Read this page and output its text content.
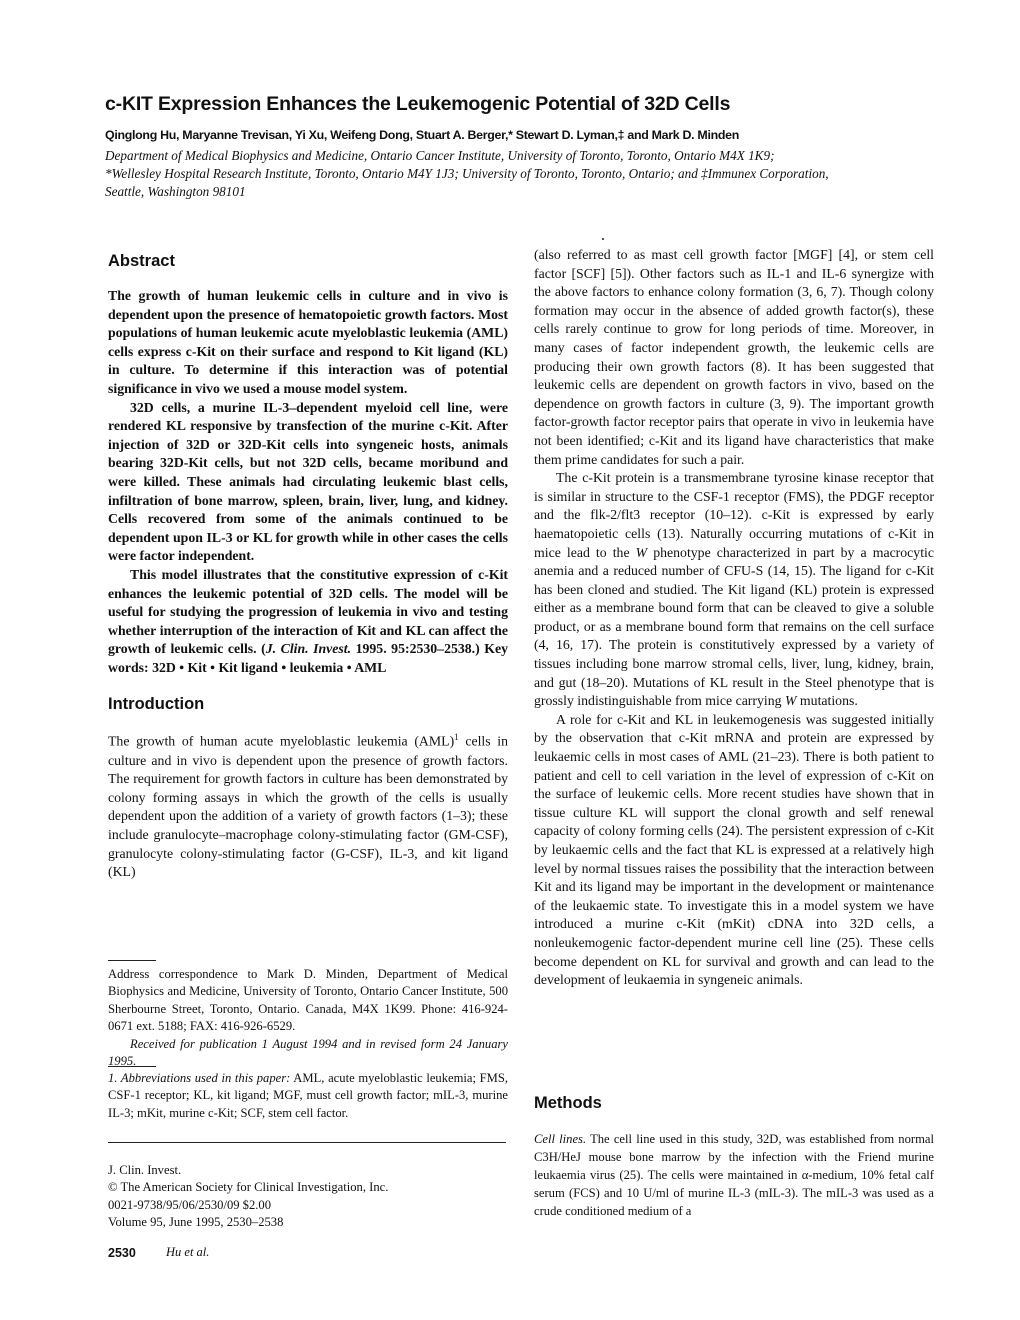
c-KIT Expression Enhances the Leukemogenic Potential of 32D Cells
Qinglong Hu, Maryanne Trevisan, Yi Xu, Weifeng Dong, Stuart A. Berger,* Stewart D. Lyman,‡ and Mark D. Minden
Department of Medical Biophysics and Medicine, Ontario Cancer Institute, University of Toronto, Toronto, Ontario M4X 1K9;
*Wellesley Hospital Research Institute, Toronto, Ontario M4Y 1J3; University of Toronto, Toronto, Ontario; and ‡Immunex Corporation,
Seattle, Washington 98101
Abstract

The growth of human leukemic cells in culture and in vivo is dependent upon the presence of hematopoietic growth factors. Most populations of human leukemic acute myeloblastic leukemia (AML) cells express c-Kit on their surface and respond to Kit ligand (KL) in culture. To determine if this interaction was of potential significance in vivo we used a mouse model system.

32D cells, a murine IL-3–dependent myeloid cell line, were rendered KL responsive by transfection of the murine c-Kit. After injection of 32D or 32D-Kit cells into syngeneic hosts, animals bearing 32D-Kit cells, but not 32D cells, became moribund and were killed. These animals had circulating leukemic blast cells, infiltration of bone marrow, spleen, brain, liver, lung, and kidney. Cells recovered from some of the animals continued to be dependent upon IL-3 or KL for growth while in other cases the cells were factor independent.

This model illustrates that the constitutive expression of c-Kit enhances the leukemic potential of 32D cells. The model will be useful for studying the progression of leukemia in vivo and testing whether interruption of the interaction of Kit and KL can affect the growth of leukemic cells. (J. Clin. Invest. 1995. 95:2530–2538.) Key words: 32D • Kit • Kit ligand • leukemia • AML

Introduction

The growth of human acute myeloblastic leukemia (AML)$^1$ cells in culture and in vivo is dependent upon the presence of growth factors. The requirement for growth factors in culture has been demonstrated by colony forming assays in which the growth of the cells is usually dependent upon the addition of a variety of growth factors (1–3); these include granulocyte–macrophage colony-stimulating factor (GM-CSF), granulocyte colony-stimulating factor (G-CSF), IL-3, and kit ligand (KL)

Address correspondence to Mark D. Minden, Department of Medical Biophysics and Medicine, University of Toronto, Ontario Cancer Institute, 500 Sherbourne Street, Toronto, Ontario. Canada, M4X 1K99. Phone: 416-924-0671 ext. 5188; FAX: 416-926-6529.

Received for publication 1 August 1994 and in revised form 24 January 1995.

1. Abbreviations used in this paper: AML, acute myeloblastic leukemia; FMS, CSF-1 receptor; KL, kit ligand; MGF, must cell growth factor; mIL-3, murine IL-3; mKit, murine c-Kit; SCF, stem cell factor.

J. Clin. Invest.
© The American Society for Clinical Investigation, Inc.
0021-9738/95/06/2530/09 $2.00
Volume 95, June 1995, 2530–2538
2530 Hu et al.

(also referred to as mast cell growth factor [MGF] [4], or stem cell factor [SCF] [5]). Other factors such as IL-1 and IL-6 synergize with the above factors to enhance colony formation (3, 6, 7). Though colony formation may occur in the absence of added growth factor(s), these cells rarely continue to grow for long periods of time. Moreover, in many cases of factor independent growth, the leukemic cells are producing their own growth factors (8). It has been suggested that leukemic cells are dependent on growth factors in vivo, based on the dependence on growth factors in culture (3, 9). The important growth factor-growth factor receptor pairs that operate in vivo in leukemia have not been identified; c-Kit and its ligand have characteristics that make them prime candidates for such a pair.

The c-Kit protein is a transmembrane tyrosine kinase receptor that is similar in structure to the CSF-1 receptor (FMS), the PDGF receptor and the flk-2/flt3 receptor (10–12). c-Kit is expressed by early haematopoietic cells (13). Naturally occurring mutations of c-Kit in mice lead to the W phenotype characterized in part by a macrocytic anemia and a reduced number of CFU-S (14, 15). The ligand for c-Kit has been cloned and studied. The Kit ligand (KL) protein is expressed either as a membrane bound form that can be cleaved to give a soluble product, or as a membrane bound form that remains on the cell surface (4, 16, 17). The protein is constitutively expressed by a variety of tissues including bone marrow stromal cells, liver, lung, kidney, brain, and gut (18–20). Mutations of KL result in the Steel phenotype that is grossly indistinguishable from mice carrying W mutations.

A role for c-Kit and KL in leukemogenesis was suggested initially by the observation that c-Kit mRNA and protein are expressed by leukaemic cells in most cases of AML (21–23). There is both patient to patient and cell to cell variation in the level of expression of c-Kit on the surface of leukemic cells. More recent studies have shown that in tissue culture KL will support the clonal growth and self renewal capacity of colony forming cells (24). The persistent expression of c-Kit by leukaemic cells and the fact that KL is expressed at a relatively high level by normal tissues raises the possibility that the interaction between Kit and its ligand may be important in the development or maintenance of the leukaemic state. To investigate this in a model system we have introduced a murine c-Kit (mKit) cDNA into 32D cells, a nonleukemogenic factor-dependent murine cell line (25). These cells become dependent on KL for survival and growth and can lead to the development of leukaemia in syngeneic animals.

Methods

Cell lines. The cell line used in this study, 32D, was established from normal C3H/HeJ mouse bone marrow by the infection with the Friend murine leukaemia virus (25). The cells were maintained in α-medium, 10% fetal calf serum (FCS) and 10 U/ml of murine IL-3 (mIL-3). The mIL-3 was used as a crude conditioned medium of a
